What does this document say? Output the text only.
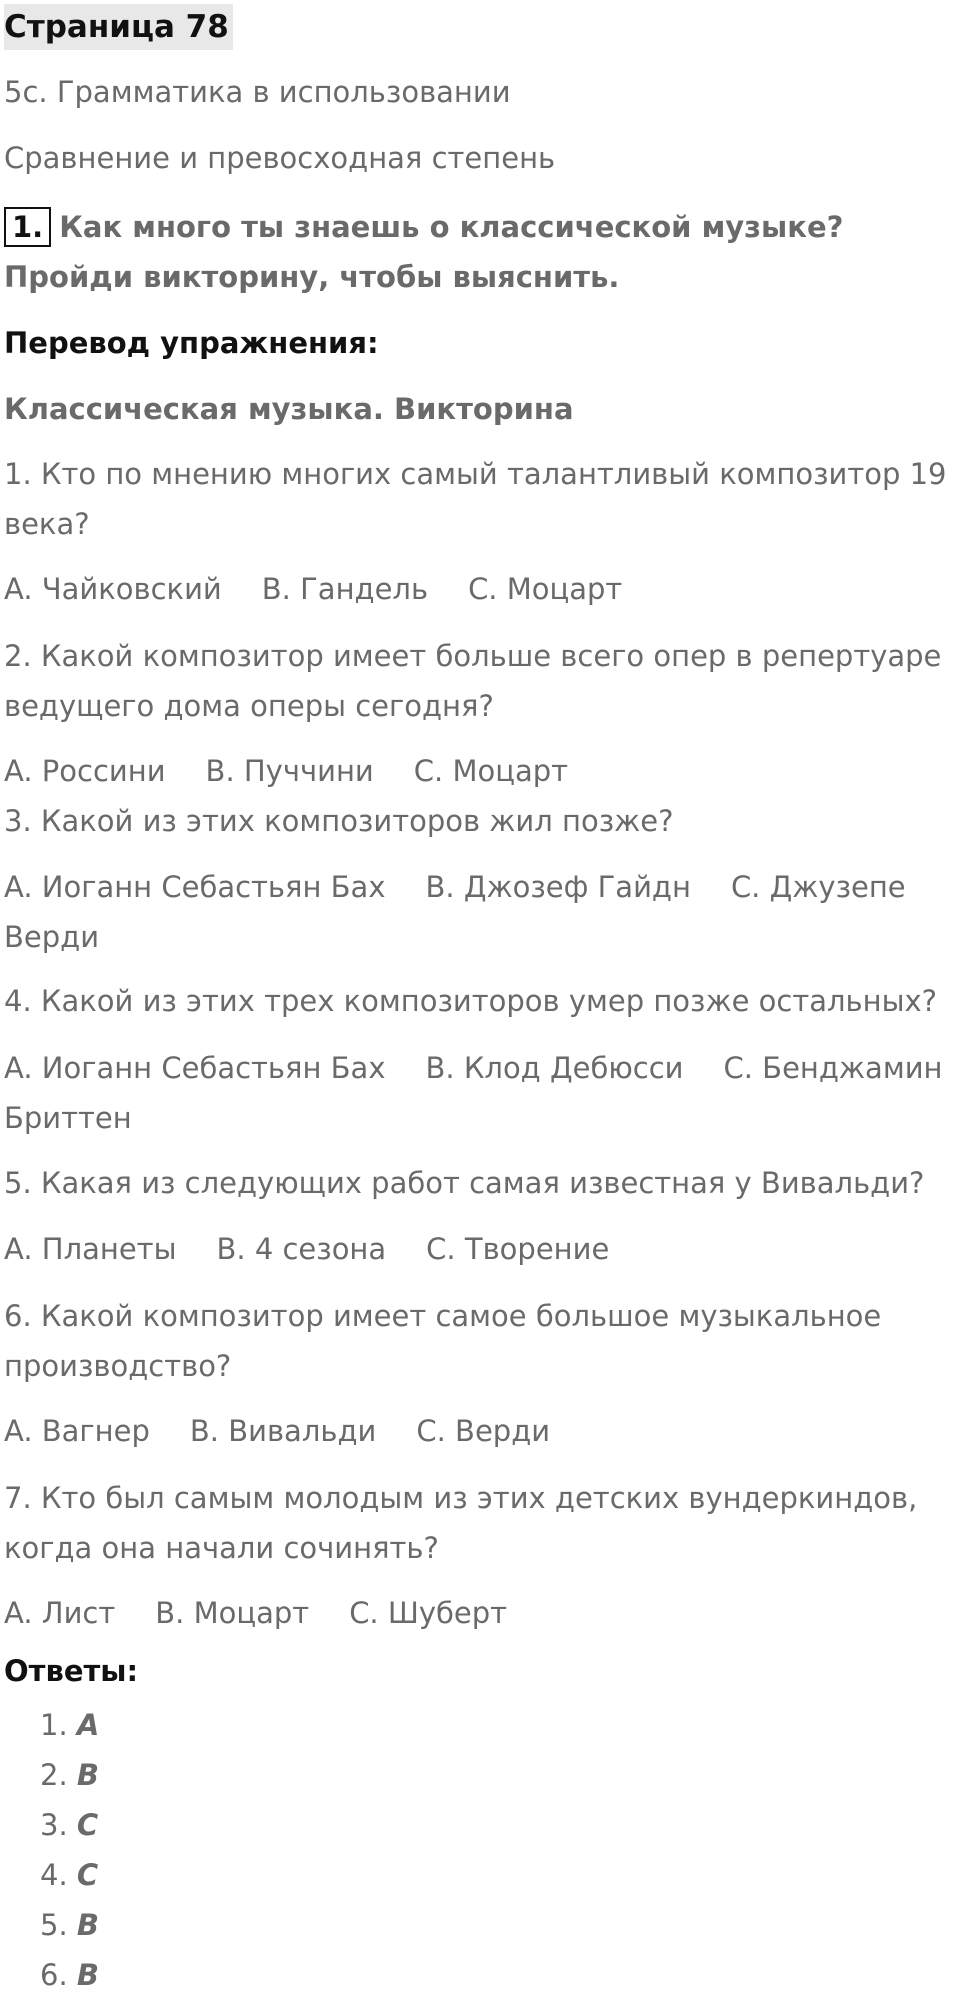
Страница 78
5c. Грамматика в использовании
Сравнение и превосходная степень
1. Как много ты знаешь о классической музыке? Пройди викторину, чтобы выяснить.
Перевод упражнения:
Классическая музыка. Викторина
1. Кто по мнению многих самый талантливый композитор 19 века?
A. Чайковский B. Гандель C. Моцарт
2. Какой композитор имеет больше всего опер в репертуаре ведущего дома оперы сегодня?
A. Россини B. Пуччини C. Моцарт
3. Какой из этих композиторов жил позже?
A. Иоганн Себастьян Бах B. Джозеф Гайдн C. Джузепе Верди
4. Какой из этих трех композиторов умер позже остальных?
A. Иоганн Себастьян Бах B. Клод Дебюсси C. Бенджамин Бриттен
5. Какая из следующих работ самая известная у Вивальди?
A. Планеты B. 4 сезона C. Творение
6. Какой композитор имеет самое большое музыкальное производство?
A. Вагнер B. Вивальди C. Верди
7. Кто был самым молодым из этих детских вундеркиндов, когда она начали сочинять?
A. Лист B. Моцарт C. Шуберт
Ответы:
1. A
2. B
3. C
4. C
5. B
6. B
